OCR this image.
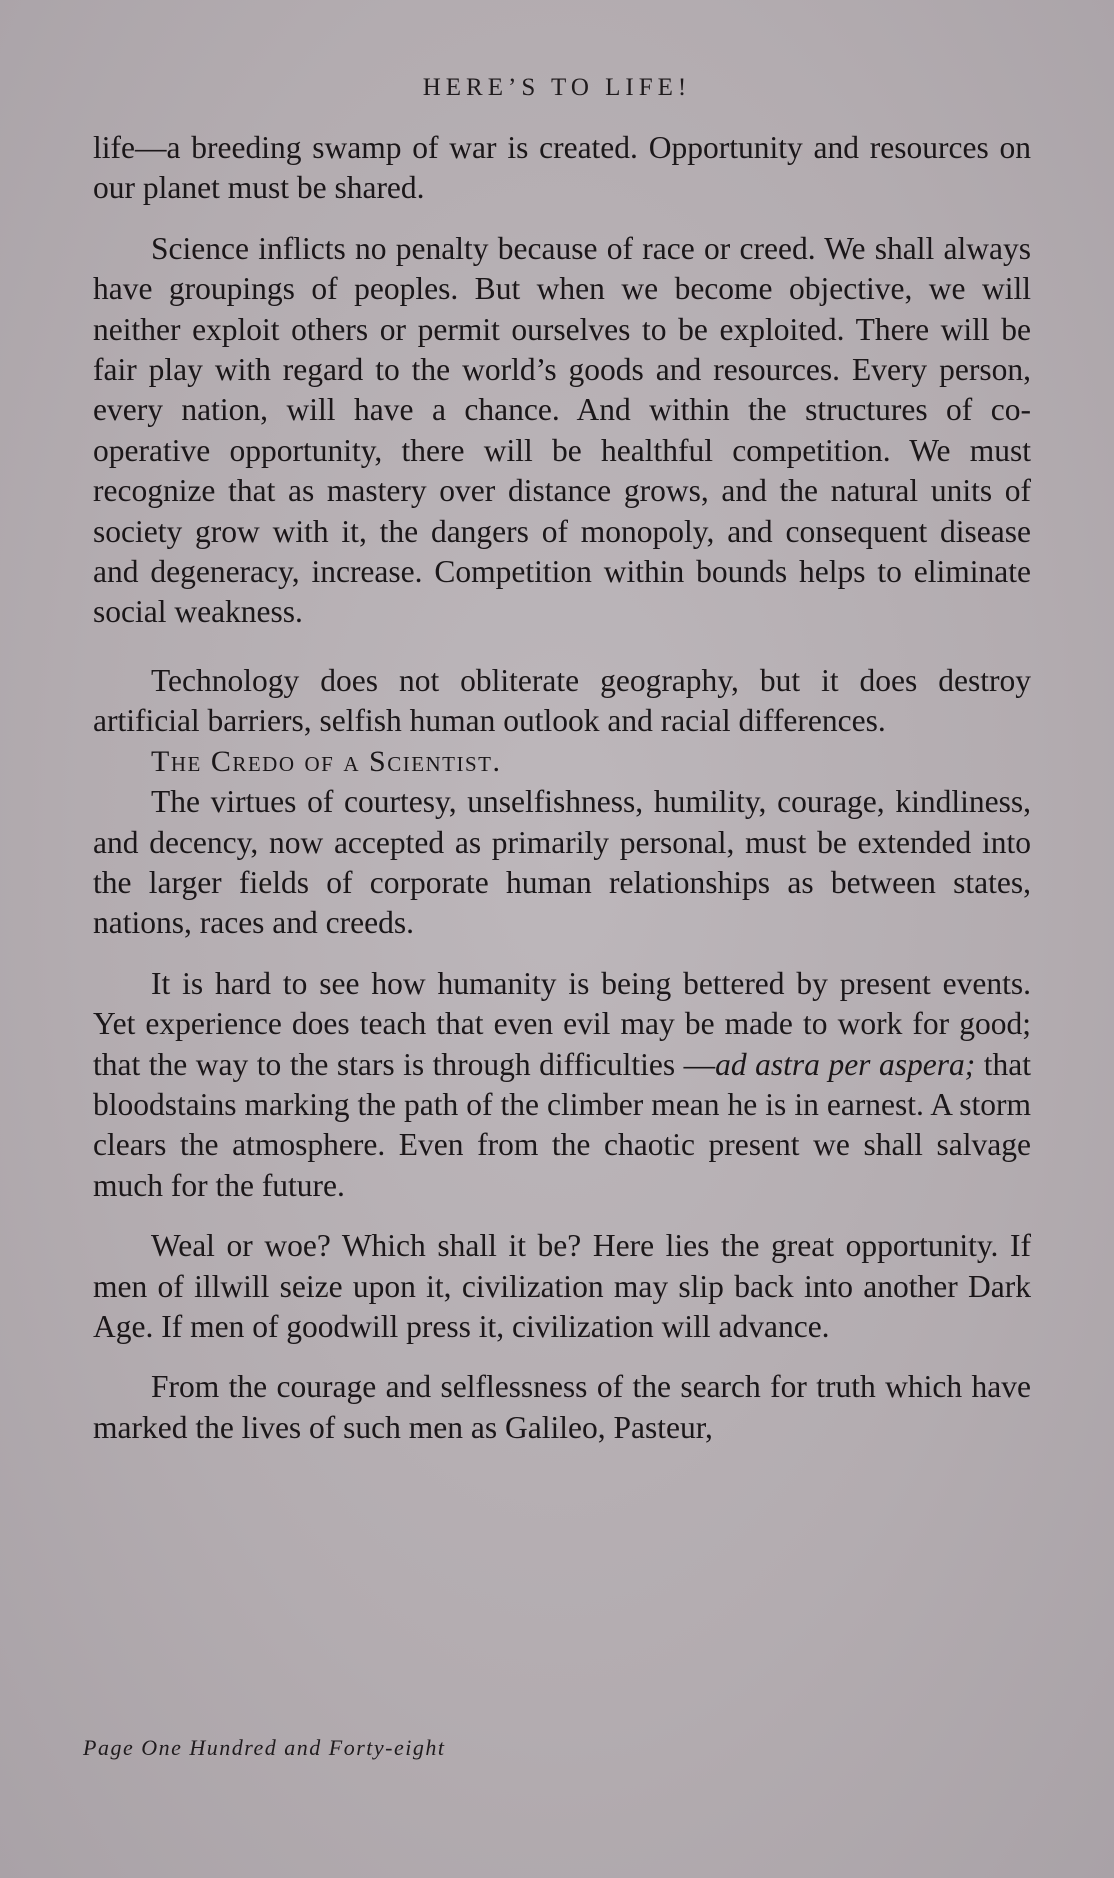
HERE’S TO LIFE!

life—a breeding swamp of war is created. Opportunity and resources on our planet must be shared.

Science inflicts no penalty because of race or creed. We shall always have groupings of peoples. But when we become objective, we will neither exploit others or permit ourselves to be exploited. There will be fair play with regard to the world’s goods and resources. Every person, every nation, will have a chance. And within the structures of co-operative opportunity, there will be healthful competition. We must recognize that as mastery over distance grows, and the natural units of society grow with it, the dangers of monopoly, and consequent disease and degeneracy, increase. Competition within bounds helps to eliminate social weakness.

Technology does not obliterate geography, but it does destroy artificial barriers, selfish human outlook and racial differences.

The Credo of a Scientist.

The virtues of courtesy, unselfishness, humility, courage, kindliness, and decency, now accepted as primarily personal, must be extended into the larger fields of corporate human relationships as between states, nations, races and creeds.

It is hard to see how humanity is being bettered by present events. Yet experience does teach that even evil may be made to work for good; that the way to the stars is through difficulties —ad astra per aspera; that bloodstains marking the path of the climber mean he is in earnest. A storm clears the atmosphere. Even from the chaotic present we shall salvage much for the future.

Weal or woe? Which shall it be? Here lies the great opportunity. If men of illwill seize upon it, civilization may slip back into another Dark Age. If men of goodwill press it, civilization will advance.

From the courage and selflessness of the search for truth which have marked the lives of such men as Galileo, Pasteur,

Page One Hundred and Forty-eight
